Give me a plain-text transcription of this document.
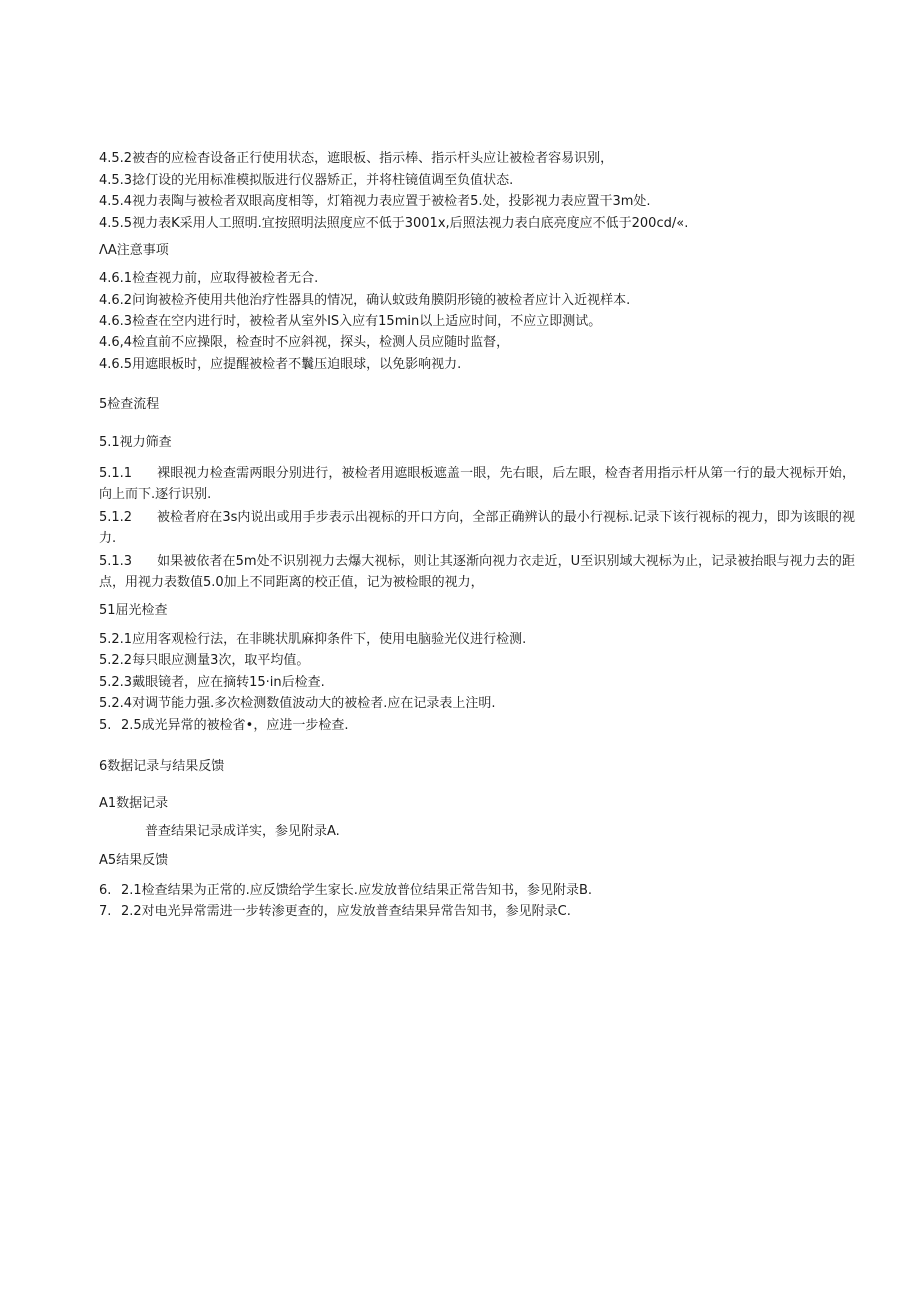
4.5.2被杳的应检杳设备正行使用状态，遮眼板、指示棒、指示杆头应让被检者容易识别，
4.5.3捻仃设的光用标准模拟版进行仪器矫正，并将柱镜值调至负值状态.
4.5.4视力表陶与被检者双眼高度相等，灯箱视力表应置于被检者5.处，投影视力表应置干3m处.
4.5.5视力表K采用人工照明.宜按照明法照度应不低于3001x,后照法视力表白底亮度应不低于200cd/«.
ΛA注意事项
4.6.1检查视力前，应取得被检者无合.
4.6.2问询被检齐使用共他治疗性器具的情况，确认蚊豉角膜阴形镜的被检者应计入近视样本.
4.6.3检查在空内进行时，被检者从室外IS入应有15min以上适应时间，不应立即测试。
4.6,4检直前不应操限，检查时不应斜视，探头，检测人员应随时监督，
4.6.5用遮眼板时，应提醒被检者不鬤压迫眼球，以免影响视力.
5检查流程
5.1视力筛查
5.1.1 裸眼视力检查需两眼分别进行，被检者用遮眼板遮盖一眼，先右眼，后左眼，检杳者用指示杆从第一行的最大视标开始，向上而下.逐行识别.
5.1.2 被检者府在3s内说出或用手步表示出视标的开口方向，全部正确辨认的最小行视标.记录下该行视标的视力，即为该眼的视力.
5.1.3 如果被依者在5m处不识别视力去爆大视标，则让其逐渐向视力衣走近，U至识别域大视标为止，记录被抬眼与视力去的距点，用视力表数值5.0加上不同距离的校正值，记为被检眼的视力，
51屈光检查
5.2.1应用客观检行法，在非眺状肌麻抑条件下，使用电脑验光仪进行检测.
5.2.2每只眼应测量3次，取平均值。
5.2.3戴眼镜者，应在摘转15·in后检查.
5.2.4对调节能力强.多次检测数值波动大的被检者.应在记录表上注明.
5. 2.5成光异常的被检省•，应进一步检查.
6数据记录与结果反馈
A1数据记录
普查结果记录成详实，参见附录A.
A5结果反馈
6. 2.1检查结果为正常的.应反馈给学生家长.应发放普位结果正常告知书，参见附录B.
7. 2.2对电光异常需进一步转渗更查的，应发放普查结果异常告知书，参见附录C.
